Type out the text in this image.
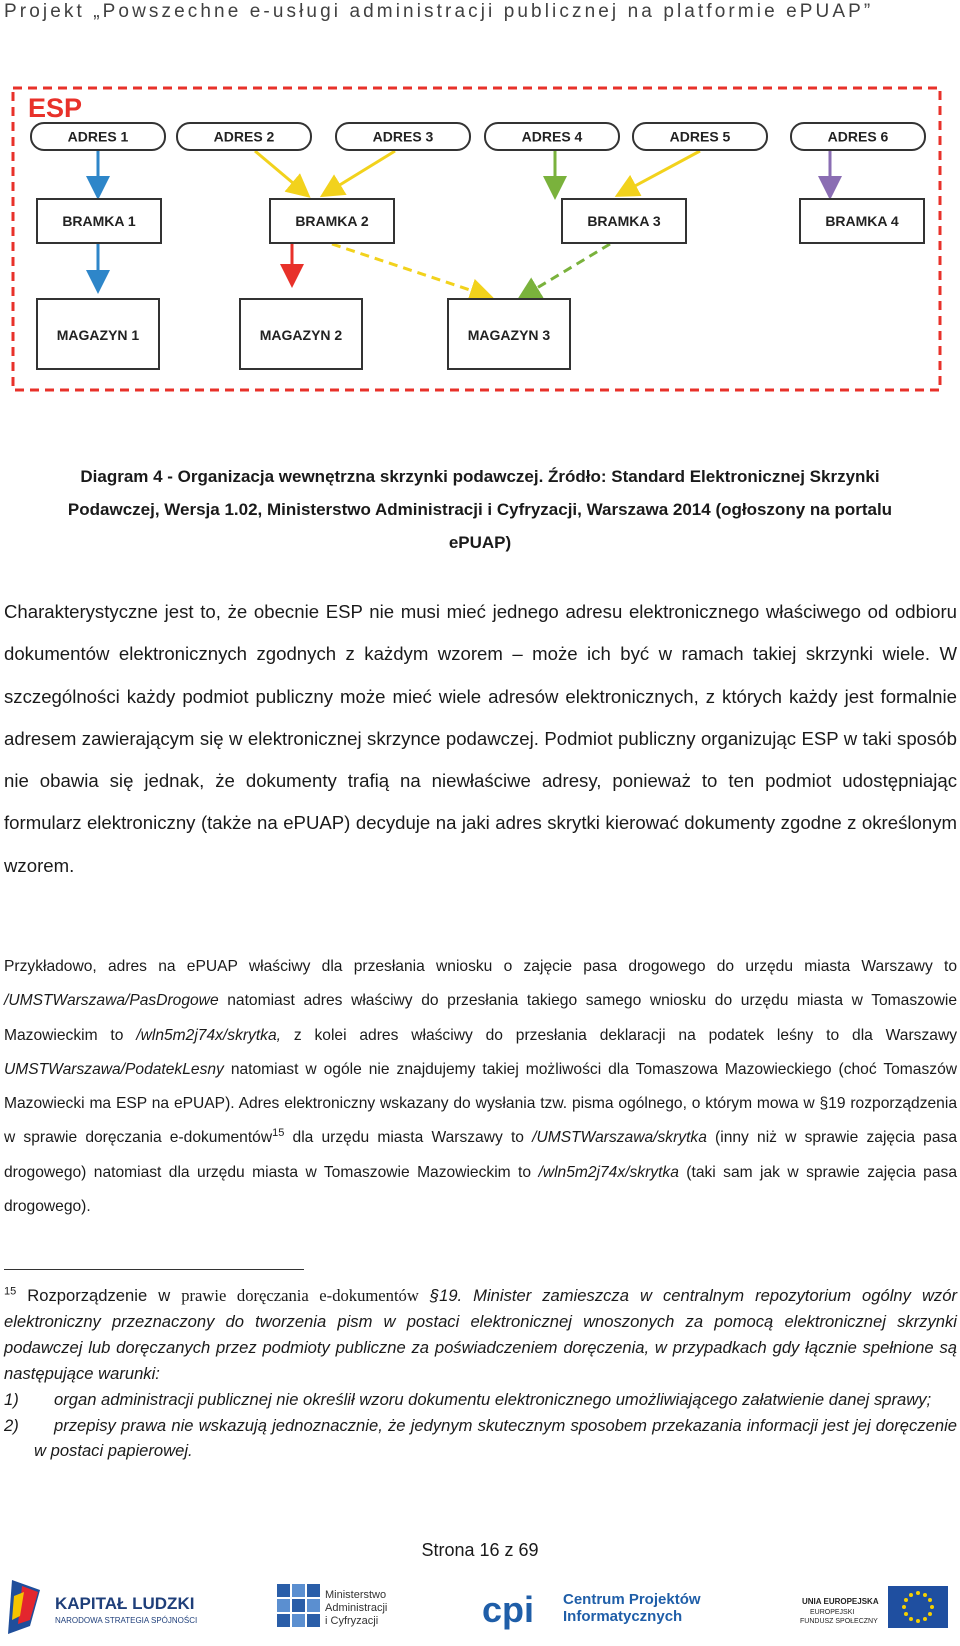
Projekt „Powszechne e-usługi administracji publicznej na platformie ePUAP”
ESP
ADRES 1	ADRES 2	ADRES 3	ADRES 4	ADRES 5	ADRES 6
BRAMKA 1	BRAMKA 2	BRAMKA 3	BRAMKA 4
MAGAZYN 1	MAGAZYN 2	MAGAZYN 3
Diagram 4 - Organizacja wewnętrzna skrzynki podawczej. Źródło: Standard Elektronicznej Skrzynki
Podawczej, Wersja 1.02, Ministerstwo Administracji i Cyfryzacji, Warszawa 2014 (ogłoszony na portalu
ePUAP)

Charakterystyczne jest to, że obecnie ESP nie musi mieć jednego adresu elektronicznego właściwego od odbioru dokumentów elektronicznych zgodnych z każdym wzorem – może ich być w ramach takiej skrzynki wiele. W szczególności każdy podmiot publiczny może mieć wiele adresów elektronicznych, z których każdy jest formalnie adresem zawierającym się w elektronicznej skrzynce podawczej. Podmiot publiczny organizując ESP w taki sposób nie obawia się jednak, że dokumenty trafią na niewłaściwe adresy, ponieważ to ten podmiot udostępniając formularz elektroniczny (także na ePUAP) decyduje na jaki adres skrytki kierować dokumenty zgodne z określonym wzorem.

Przykładowo, adres na ePUAP właściwy dla przesłania wniosku o zajęcie pasa drogowego do urzędu miasta Warszawy to /UMSTWarszawa/PasDrogowe natomiast adres właściwy do przesłania takiego samego wniosku do urzędu miasta w Tomaszowie Mazowieckim to /wln5m2j74x/skrytka, z kolei adres właściwy do przesłania deklaracji na podatek leśny to dla Warszawy UMSTWarszawa/PodatekLesny natomiast w ogóle nie znajdujemy takiej możliwości dla Tomaszowa Mazowieckiego (choć Tomaszów Mazowiecki ma ESP na ePUAP). Adres elektroniczny wskazany do wysłania tzw. pisma ogólnego, o którym mowa w §19 rozporządzenia w sprawie doręczania e-dokumentów$^{15}$ dla urzędu miasta Warszawy to /UMSTWarszawa/skrytka (inny niż w sprawie zajęcia pasa drogowego) natomiast dla urzędu miasta w Tomaszowie Mazowieckim to /wln5m2j74x/skrytka (taki sam jak w sprawie zajęcia pasa drogowego).

$^{15}$ Rozporządzenie w prawie doręczania e-dokumentów §19. Minister zamieszcza w centralnym repozytorium ogólny wzór elektroniczny przeznaczony do tworzenia pism w postaci elektronicznej wnoszonych za pomocą elektronicznej skrzynki podawczej lub doręczanych przez podmioty publiczne za poświadczeniem doręczenia, w przypadkach gdy łącznie spełnione są następujące warunki:

1) organ administracji publicznej nie określił wzoru dokumentu elektronicznego umożliwiającego załatwienie danej sprawy;

2) przepisy prawa nie wskazują jednoznacznie, że jedynym skutecznym sposobem przekazania informacji jest jej doręczenie w postaci papierowej.

Strona 16 z 69
KAPITAŁ LUDZKI
NARODOWA STRATEGIA SPÓJNOŚCI
Ministerstwo
Administracji
i Cyfryzacji	cpi Centrum Projektów
Informatycznych
UNIA EUROPEJSKA
EUROPEJSKI
FUNDUSZ SPOŁECZNY
